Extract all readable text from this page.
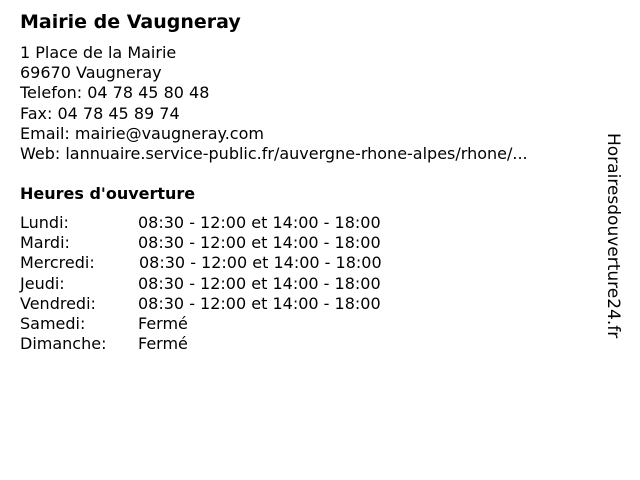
Mairie de Vaugneray
1 Place de la Mairie
69670 Vaugneray
Telefon: 04 78 45 80 48
Fax: 04 78 45 89 74
Email: mairie@vaugneray.com
Web: lannuaire.service-public.fr/auvergne-rhone-alpes/rhone/...
Heures d'ouverture
Lundi:	08:30 - 12:00 et 14:00 - 18:00
Mardi:	08:30 - 12:00 et 14:00 - 18:00
Mercredi:	08:30 - 12:00 et 14:00 - 18:00
Jeudi:	08:30 - 12:00 et 14:00 - 18:00
Vendredi:	08:30 - 12:00 et 14:00 - 18:00
Samedi:	Fermé
Dimanche: Fermé
Horairesdouverture24.fr
